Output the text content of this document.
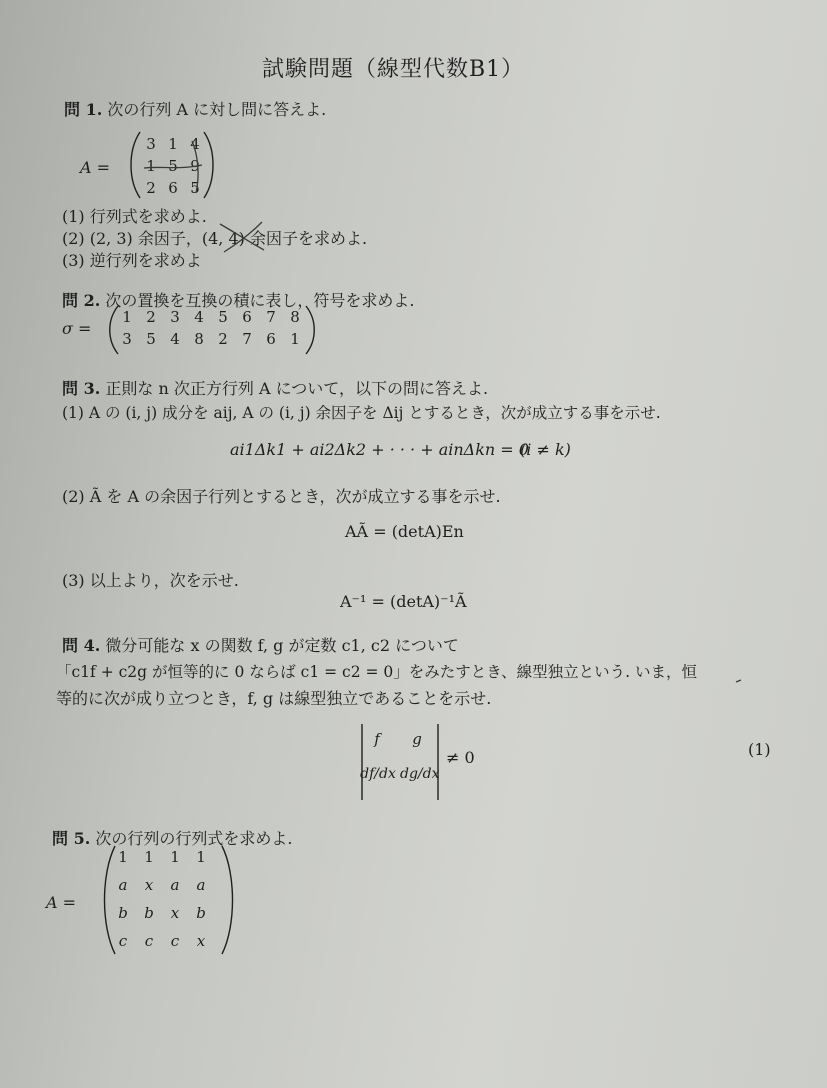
試験問題（線型代数B1）
問 1. 次の行列 A に対し問に答えよ.
A =
3 1 4
1 5 9
2 6 5
(1) 行列式を求めよ.
(2) (2, 3) 余因子，(4, 4) 余因子を求めよ.
(3) 逆行列を求めよ
問 2. 次の置換を互換の積に表し，符号を求めよ.
σ =
1 2 3 4 5 6 7 8
3 5 4 8 2 7 6 1
問 3. 正則な n 次正方行列 A について，以下の問に答えよ.
(1) A の (i, j) 成分を aij, A の (i, j) 余因子を Δij とするとき，次が成立する事を示せ.
ai1Δk1 + ai2Δk2 + · · · + ainΔkn = 0
(i ≠ k)
(2) Ã を A の余因子行列とするとき，次が成立する事を示せ.
AÃ = (detA)En
(3) 以上より，次を示せ.
A⁻¹ = (detA)⁻¹Ã
問 4. 微分可能な x の関数 f, g が定数 c1, c2 について
「c1f + c2g が恒等的に 0 ならば c1 = c2 = 0」をみたすとき、線型独立という. いま，恒
等的に次が成り立つとき，f, g は線型独立であることを示せ.
f	g
df/dx dg/dx
≠ 0	(1)
問 5. 次の行列の行列式を求めよ.
A =
1	1	1	1
a	x	a	a
b	b	x	b
c	c	c	x
